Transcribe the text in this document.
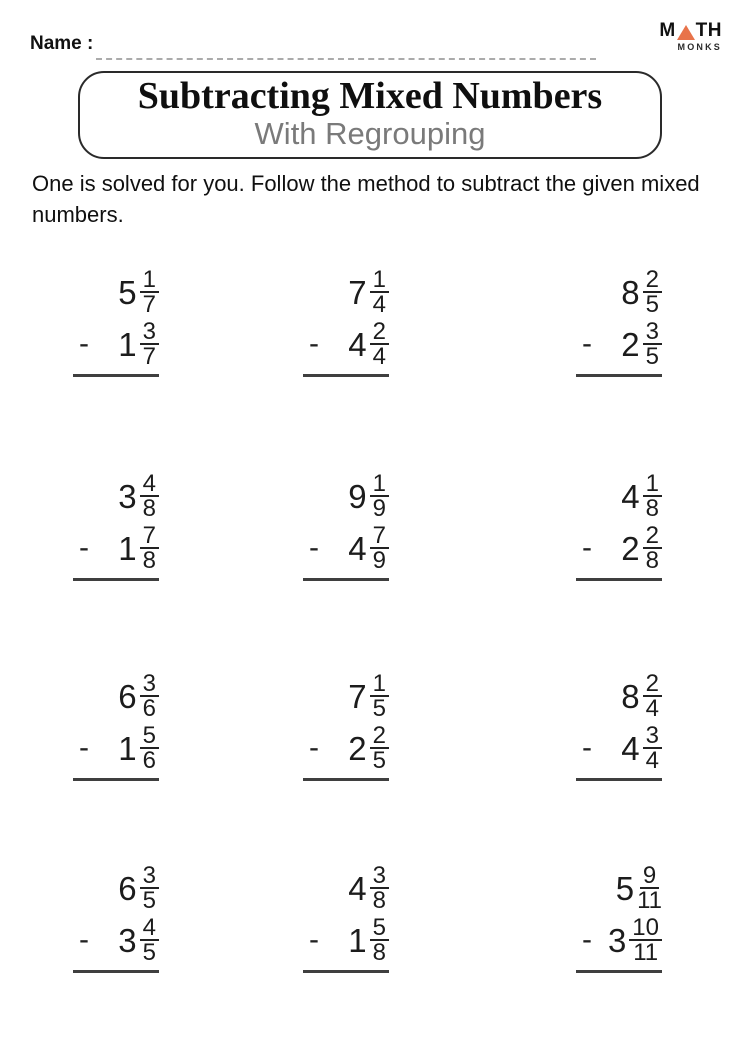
Name :
M TH
MONKS
Subtracting Mixed Numbers
With Regrouping

One is solved for you. Follow the method to subtract the given mixed numbers.

$5 \frac{1}{7}$
- $1 \frac{3}{7}$
$7 \frac{1}{4}$
- $4 \frac{2}{4}$
$8 \frac{2}{5}$
- $2 \frac{3}{5}$
$3 \frac{4}{8}$
- $1 \frac{7}{8}$
$9 \frac{1}{9}$
- $4 \frac{7}{9}$
$4 \frac{1}{8}$
- $2 \frac{2}{8}$
$6 \frac{3}{6}$
- $1 \frac{5}{6}$
$7 \frac{1}{5}$
- $2 \frac{2}{5}$
$8 \frac{2}{4}$
- $4 \frac{3}{4}$
$6 \frac{3}{5}$
- $3 \frac{4}{5}$
$4 \frac{3}{8}$
- $1 \frac{5}{8}$
$5 \frac{9}{11}$
- $3 \frac{10}{11}$
